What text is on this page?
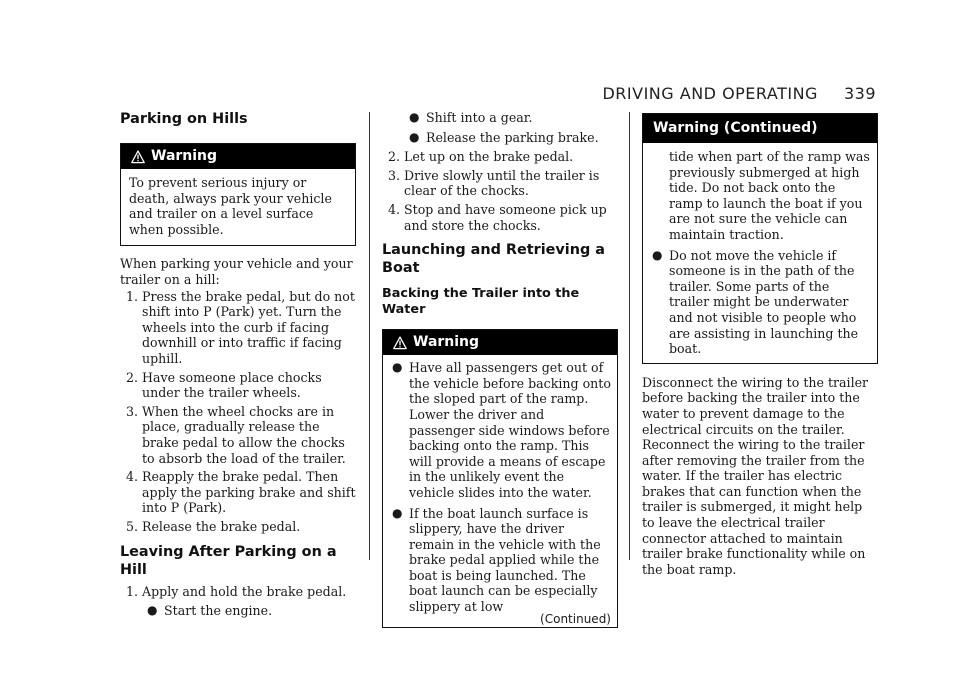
DRIVING AND OPERATING 339
Parking on Hills
Warning
To prevent serious injury or death, always park your vehicle and trailer on a level surface when possible.
When parking your vehicle and your trailer on a hill:
1. Press the brake pedal, but do not shift into P (Park) yet. Turn the wheels into the curb if facing downhill or into traffic if facing uphill.
2. Have someone place chocks under the trailer wheels.
3. When the wheel chocks are in place, gradually release the brake pedal to allow the chocks to absorb the load of the trailer.
4. Reapply the brake pedal. Then apply the parking brake and shift into P (Park).
5. Release the brake pedal.
Leaving After Parking on a Hill
1. Apply and hold the brake pedal.
● Start the engine.
● Shift into a gear.
● Release the parking brake.
2. Let up on the brake pedal.
3. Drive slowly until the trailer is clear of the chocks.
4. Stop and have someone pick up and store the chocks.
Launching and Retrieving a Boat
Backing the Trailer into the Water
Warning
● Have all passengers get out of the vehicle before backing onto the sloped part of the ramp. Lower the driver and passenger side windows before backing onto the ramp. This will provide a means of escape in the unlikely event the vehicle slides into the water.
● If the boat launch surface is slippery, have the driver remain in the vehicle with the brake pedal applied while the boat is being launched. The boat launch can be especially slippery at low
(Continued)
Warning (Continued)
tide when part of the ramp was previously submerged at high tide. Do not back onto the ramp to launch the boat if you are not sure the vehicle can maintain traction.
● Do not move the vehicle if someone is in the path of the trailer. Some parts of the trailer might be underwater and not visible to people who are assisting in launching the boat.
Disconnect the wiring to the trailer before backing the trailer into the water to prevent damage to the electrical circuits on the trailer. Reconnect the wiring to the trailer after removing the trailer from the water. If the trailer has electric brakes that can function when the trailer is submerged, it might help to leave the electrical trailer connector attached to maintain trailer brake functionality while on the boat ramp.
